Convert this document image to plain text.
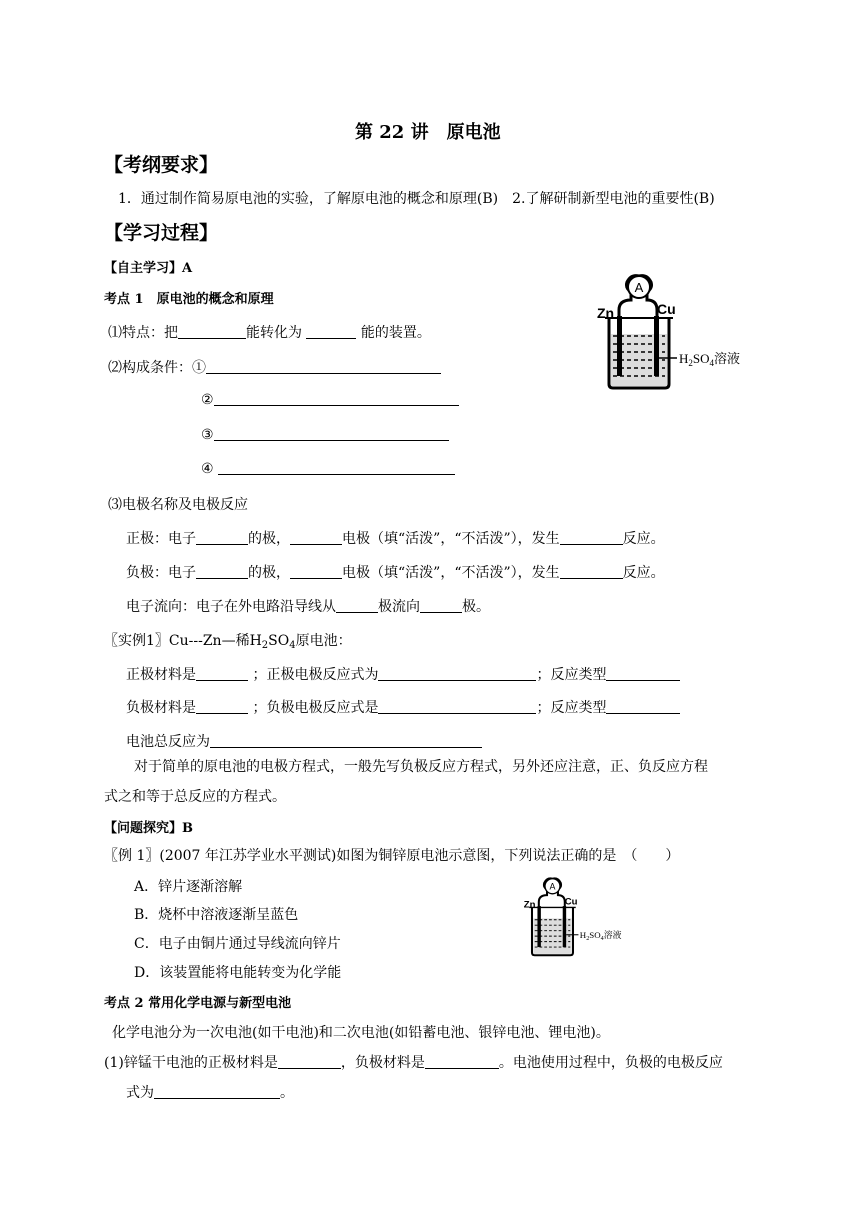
第 22 讲　原电池
【考纲要求】
1．通过制作简易原电池的实验，了解原电池的概念和原理(B)　2.了解研制新型电池的重要性(B)
【学习过程】
【自主学习】A
考点 1　原电池的概念和原理
⑴特点：把	能转化为	能的装置。
⑵构成条件：①
②
③
④
⑶电极名称及电极反应
正极：电子	的极，	电极（填“活泼”，“不活泼”），发生	反应。
负极：电子	的极，	电极（填“活泼”，“不活泼”），发生	反应。
电子流向：电子在外电路沿导线从	极流向	极。
〖实例1〗Cu---Zn—稀$H_2SO_4$原电池：
正极材料是	；正极电极反应式为	；反应类型
负极材料是	；负极电极反应式是	；反应类型
电池总反应为
对于简单的原电池的电极方程式，一般先写负极反应方程式，另外还应注意，正、负反应方程
式之和等于总反应的方程式。
【问题探究】B
〖例 1〗(2007 年江苏学业水平测试)如图为铜锌原电池示意图，下列说法正确的是　（　　）
A．锌片逐渐溶解
B．烧杯中溶液逐渐呈蓝色
C．电子由铜片通过导线流向锌片
D．该装置能将电能转变为化学能
考点 2 常用化学电源与新型电池
化学电池分为一次电池(如干电池)和二次电池(如铅蓄电池、银锌电池、锂电池)。
(1)锌锰干电池的正极材料是	，负极材料是	。电池使用过程中，负极的电极反应
式为	。
A
Zn	Cu
$H_2SO_4$溶液
A
Zn Cu
$H_2SO_4$溶液
